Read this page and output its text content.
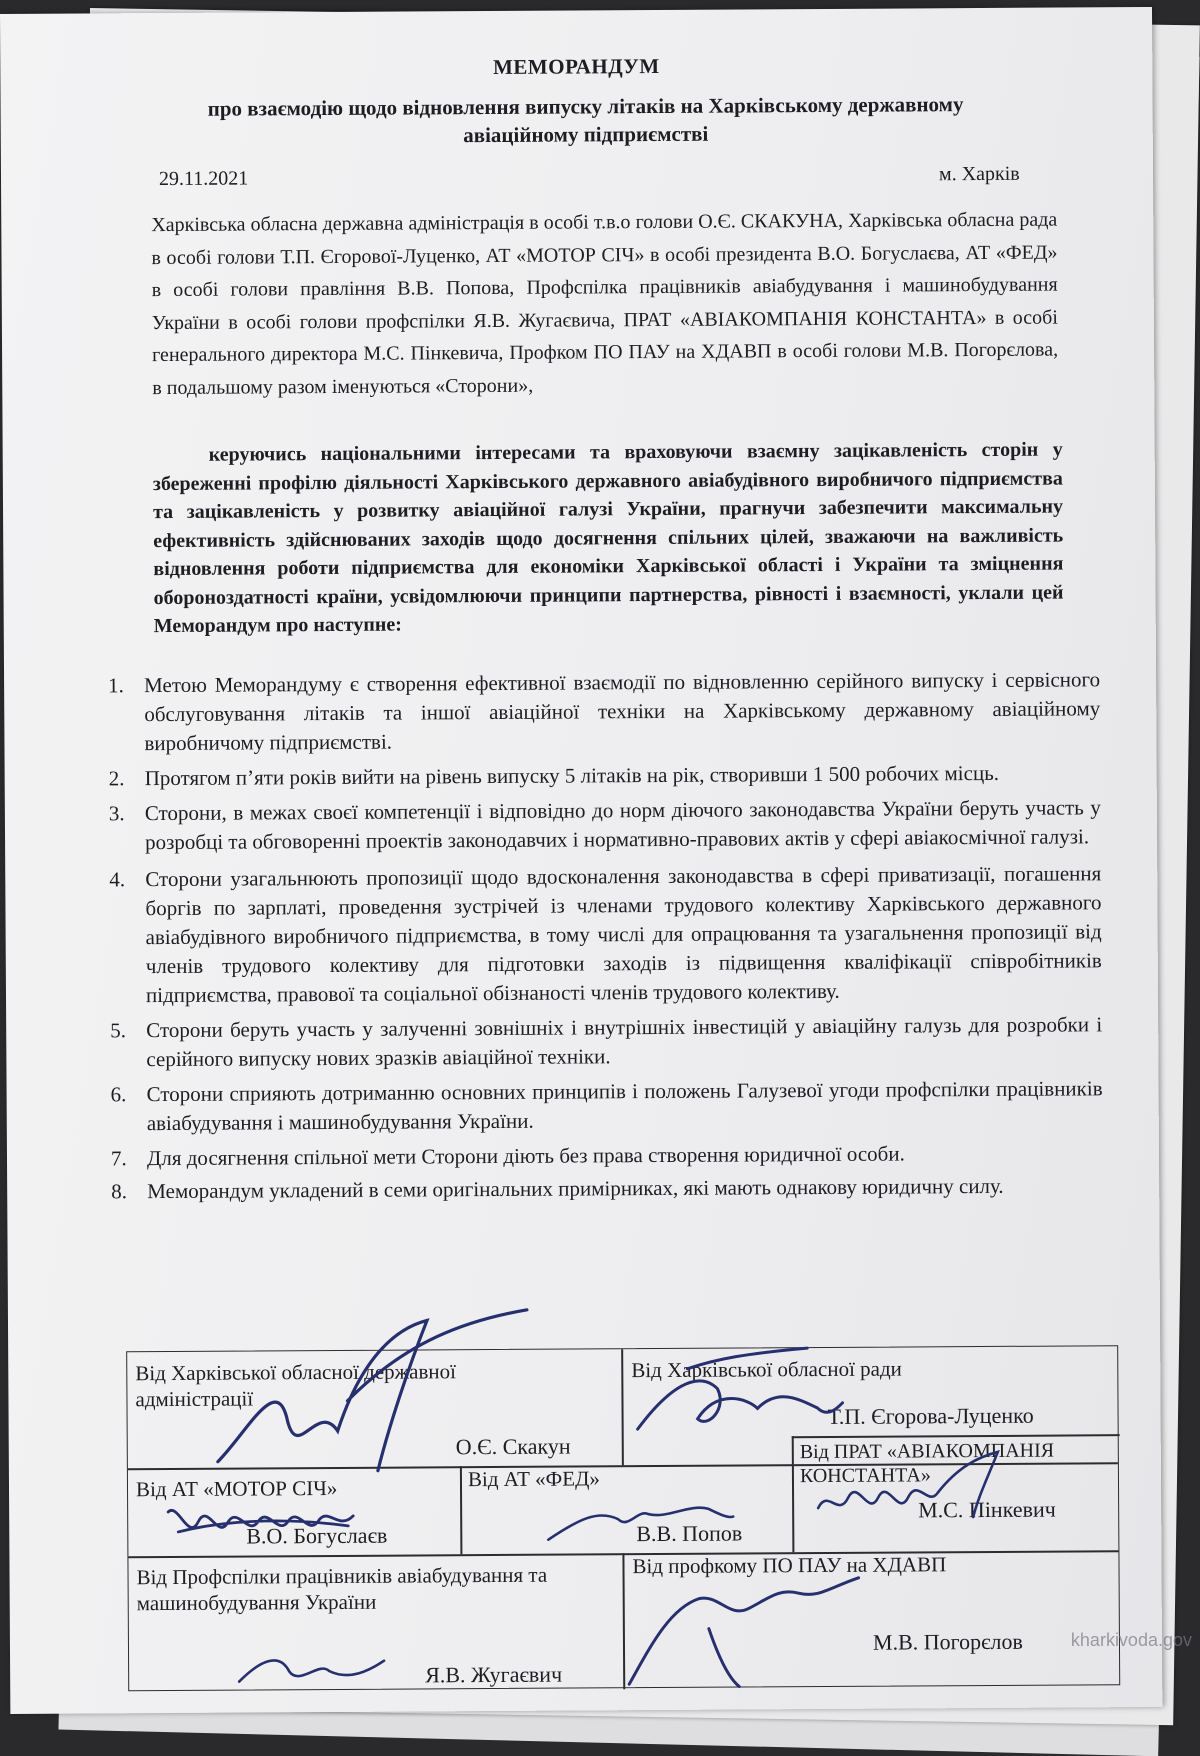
МЕМОРАНДУМ
про взаємодію щодо відновлення випуску літаків на Харківському державному авіаційному підприємстві
29.11.2021	м. Харків
Харківська обласна державна адміністрація в особі т.в.о голови О.Є. СКАКУНА, Харківська обласна рада в особі голови Т.П. Єгорової-Луценко, АТ «МОТОР СІЧ» в особі президента В.О. Богуслаєва, АТ «ФЕД» в особі голови правління В.В. Попова, Профспілка працівників авіабудування і машинобудування України в особі голови профспілки Я.В. Жугаєвича, ПРАТ «АВІАКОМПАНІЯ КОНСТАНТА» в особі генерального директора М.С. Пінкевича, Профком ПО ПАУ на ХДАВП в особі голови М.В. Погорєлова, в подальшому разом іменуються «Сторони»,
керуючись національними інтересами та враховуючи взаємну зацікавленість сторін у збереженні профілю діяльності Харківського державного авіабудівного виробничого підприємства та зацікавленість у розвитку авіаційної галузі України, прагнучи забезпечити максимальну ефективність здійснюваних заходів щодо досягнення спільних цілей, зважаючи на важливість відновлення роботи підприємства для економіки Харківської області і України та зміцнення обороноздатності країни, усвідомлюючи принципи партнерства, рівності і взаємності, уклали цей Меморандум про наступне:
1. Метою Меморандуму є створення ефективної взаємодії по відновленню серійного випуску і сервісного обслуговування літаків та іншої авіаційної техніки на Харківському державному авіаційному виробничому підприємстві.
2. Протягом п’яти років вийти на рівень випуску 5 літаків на рік, створивши 1 500 робочих місць.
3. Сторони, в межах своєї компетенції і відповідно до норм діючого законодавства України беруть участь у розробці та обговоренні проектів законодавчих і нормативно-правових актів у сфері авіакосмічної галузі.
4. Сторони узагальнюють пропозиції щодо вдосконалення законодавства в сфері приватизації, погашення боргів по зарплаті, проведення зустрічей із членами трудового колективу Харківського державного авіабудівного виробничого підприємства, в тому числі для опрацювання та узагальнення пропозиції від членів трудового колективу для підготовки заходів із підвищення кваліфікації співробітників підприємства, правової та соціальної обізнаності членів трудового колективу.
5. Сторони беруть участь у залученні зовнішніх і внутрішніх інвестицій у авіаційну галузь для розробки і серійного випуску нових зразків авіаційної техніки.
6. Сторони сприяють дотриманню основних принципів і положень Галузевої угоди профспілки працівників авіабудування і машинобудування України.
7. Для досягнення спільної мети Сторони діють без права створення юридичної особи.
8. Меморандум укладений в семи оригінальних примірниках, які мають однакову юридичну силу.
Від Харківської обласної державної адміністрації
О.Є. Скакун
Від Харківської обласної ради
Т.П. Єгорова-Луценко
Від АТ «МОТОР СІЧ»
В.О. Богуслаєв
Від АТ «ФЕД»
В.В. Попов
Від ПРАТ «АВІАКОМПАНІЯ КОНСТАНТА»
М.С. Пінкевич
Від Профспілки працівників авіабудування та машинобудування України
Я.В. Жугаєвич
Від профкому ПО ПАУ на ХДАВП
М.В. Погорєлов	kharkivoda.gov
